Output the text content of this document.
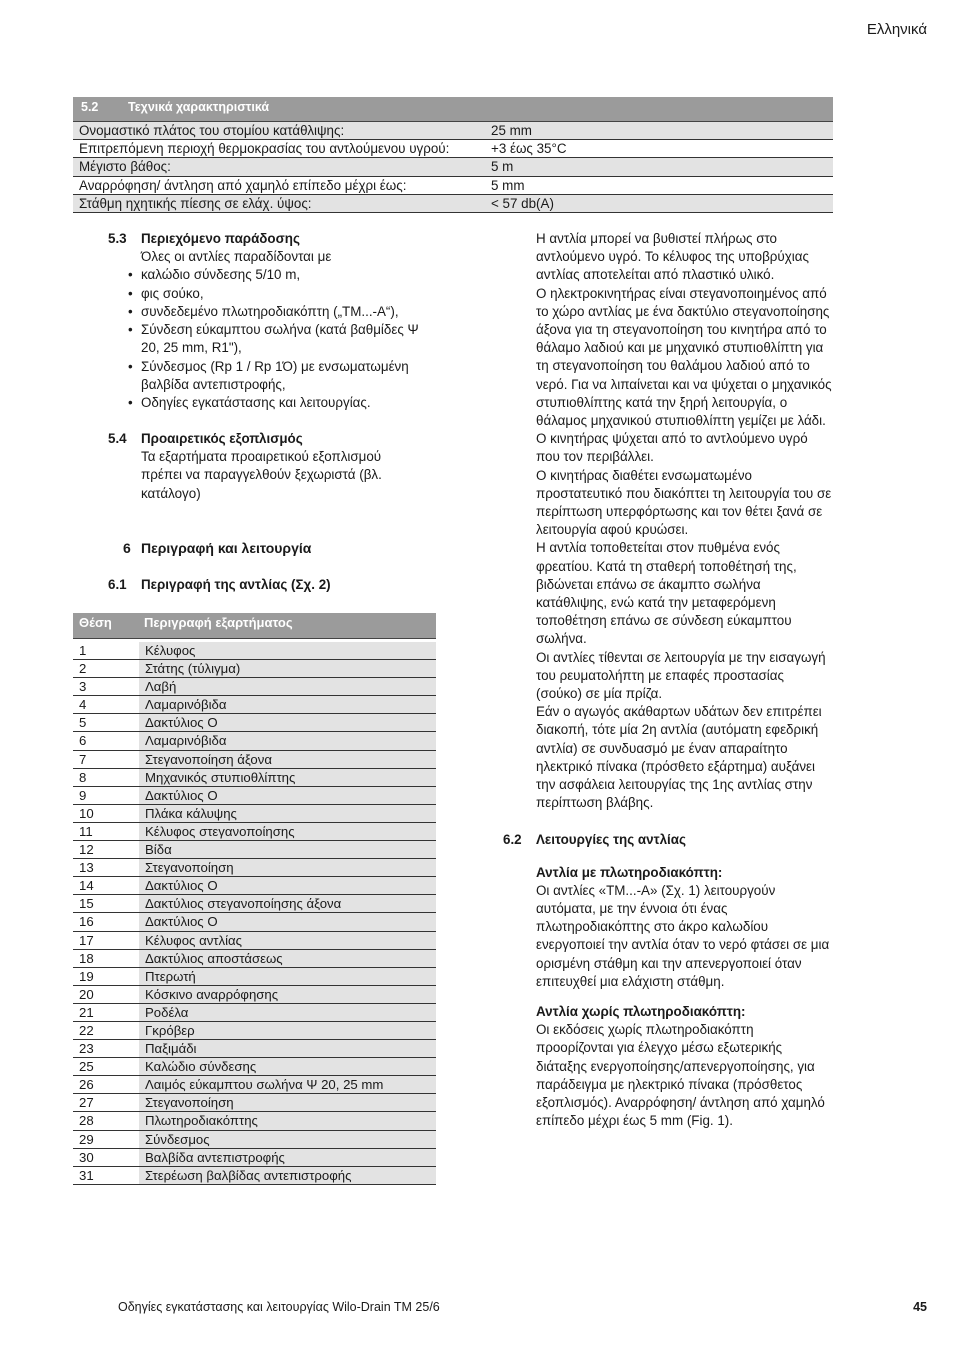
Ελληνικά
5.2	Τεχνικά χαρακτηριστικά
Ονομαστικό πλάτος του στομίου κατάθλιψης:	25 mm
Επιτρεπόμενη περιοχή θερμοκρασίας του αντλούμενου υγρού:	+3 έως 35°C
Μέγιστο βάθος:	5 m
Αναρρόφηση/ άντληση από χαμηλό επίπεδο μέχρι έως:	5 mm
Στάθμη ηχητικής πίεσης σε ελάχ. ύψος:	< 57 db(A)
5.3 Περιεχόμενο παράδοσης
Όλες οι αντλίες παραδίδονται με
• καλώδιο σύνδεσης 5/10 m,
• φις σούκο,
• συνδεδεμένο πλωτηροδιακόπτη („TM...-A“),
• Σύνδεση εύκαμπτου σωλήνα (κατά βαθμίδες Ψ 20, 25 mm, R1"),
• Σύνδεσμος (Rp 1 / Rp 1Ό) με ενσωματωμένη βαλβίδα αντεπιστροφής,
• Οδηγίες εγκατάστασης και λειτουργίας.
5.4 Προαιρετικός εξοπλισμός
Τα εξαρτήματα προαιρετικού εξοπλισμού πρέπει να παραγγελθούν ξεχωριστά (βλ. κατάλογο)
6 Περιγραφή και λειτουργία
6.1 Περιγραφή της αντλίας (Σχ. 2)
Θέση	Περιγραφή εξαρτήματος
1	Κέλυφος
2	Στάτης (τύλιγμα)
3	Λαβή
4	Λαμαρινόβιδα
5	Δακτύλιος Ο
6	Λαμαρινόβιδα
7	Στεγανοποίηση άξονα
8	Μηχανικός στυπιοθλίπτης
9	Δακτύλιος Ο
10	Πλάκα κάλυψης
11	Κέλυφος στεγανοποίησης
12	Βίδα
13	Στεγανοποίηση
14	Δακτύλιος Ο
15	Δακτύλιος στεγανοποίησης άξονα
16	Δακτύλιος Ο
17	Κέλυφος αντλίας
18	Δακτύλιος αποστάσεως
19	Πτερωτή
20	Κόσκινο αναρρόφησης
21	Ροδέλα
22	Γκρόβερ
23	Παξιμάδι
25	Καλώδιο σύνδεσης
26	Λαιμός εύκαμπτου σωλήνα Ψ 20, 25 mm
27	Στεγανοποίηση
28	Πλωτηροδιακόπτης
29	Σύνδεσμος
30	Βαλβίδα αντεπιστροφής
31	Στερέωση βαλβίδας αντεπιστροφής

Η αντλία μπορεί να βυθιστεί πλήρως στο αντλούμενο υγρό. Το κέλυφος της υποβρύχιας αντλίας αποτελείται από πλαστικό υλικό.

Ο ηλεκτροκινητήρας είναι στεγανοποιημένος από το χώρο αντλίας με ένα δακτύλιο στεγανοποίησης άξονα για τη στεγανοποίηση του κινητήρα από το θάλαμο λαδιού και με μηχανικό στυπιοθλίπτη για τη στεγανοποίηση του θαλάμου λαδιού από το νερό. Για να λιπαίνεται και να ψύχεται ο μηχανικός στυπιοθλίπτης κατά την ξηρή λειτουργία, ο θάλαμος μηχανικού στυπιοθλίπτη γεμίζει με λάδι.

Ο κινητήρας ψύχεται από το αντλούμενο υγρό που τον περιβάλλει.

Ο κινητήρας διαθέτει ενσωματωμένο προστατευτικό που διακόπτει τη λειτουργία του σε περίπτωση υπερφόρτωσης και τον θέτει ξανά σε λειτουργία αφού κρυώσει.

Η αντλία τοποθετείται στον πυθμένα ενός φρεατίου. Κατά τη σταθερή τοποθέτησή της, βιδώνεται επάνω σε άκαμπτο σωλήνα κατάθλιψης, ενώ κατά την μεταφερόμενη τοποθέτηση επάνω σε σύνδεση εύκαμπτου σωλήνα.

Οι αντλίες τίθενται σε λειτουργία με την εισαγωγή του ρευματολήπτη με επαφές προστασίας (σούκο) σε μία πρίζα.

Εάν ο αγωγός ακάθαρτων υδάτων δεν επιτρέπει διακοπή, τότε μία 2η αντλία (αυτόματη εφεδρική αντλία) σε συνδυασμό με έναν απαραίτητο ηλεκτρικό πίνακα (πρόσθετο εξάρτημα) αυξάνει την ασφάλεια λειτουργίας της 1ης αντλίας στην περίπτωση βλάβης.

6.2 Λειτουργίες της αντλίας

Αντλία με πλωτηροδιακόπτη:

Οι αντλίες «TM...-A» (Σχ. 1) λειτουργούν αυτόματα, με την έννοια ότι ένας πλωτηροδιακόπτης στο άκρο καλωδίου ενεργοποιεί την αντλία όταν το νερό φτάσει σε μια ορισμένη στάθμη και την απενεργοποιεί όταν επιτευχθεί μια ελάχιστη στάθμη.

Αντλία χωρίς πλωτηροδιακόπτη:

Οι εκδόσεις χωρίς πλωτηροδιακόπτη προορίζονται για έλεγχο μέσω εξωτερικής διάταξης ενεργοποίησης/απενεργοποίησης, για παράδειγμα με ηλεκτρικό πίνακα (πρόσθετος εξοπλισμός). Αναρρόφηση/ άντληση από χαμηλό επίπεδο μέχρι έως 5 mm (Fig. 1).

Οδηγίες εγκατάστασης και λειτουργίας Wilo-Drain TM 25/6	45
